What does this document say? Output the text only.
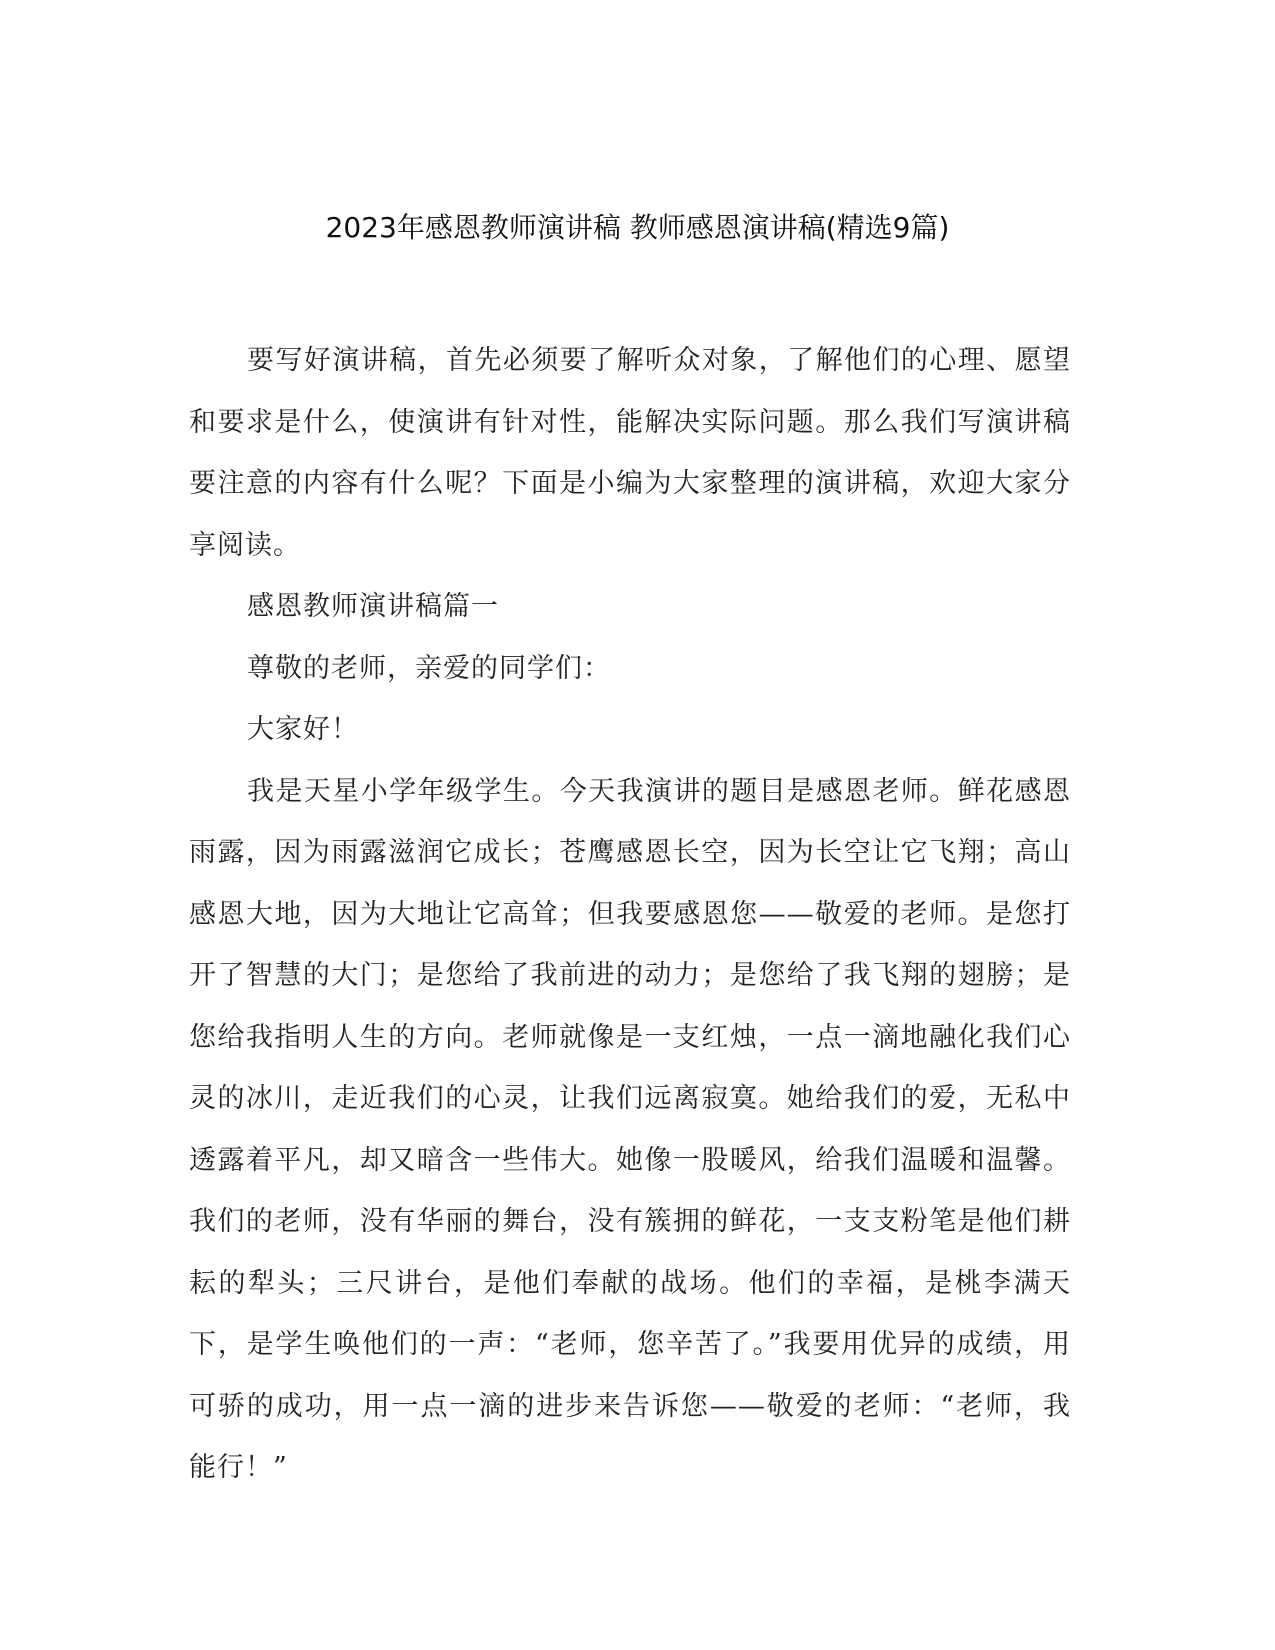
2023年感恩教师演讲稿 教师感恩演讲稿(精选9篇)

要写好演讲稿，首先必须要了解听众对象，了解他们的心理、愿望和要求是什么，使演讲有针对性，能解决实际问题。那么我们写演讲稿要注意的内容有什么呢？下面是小编为大家整理的演讲稿，欢迎大家分享阅读。

感恩教师演讲稿篇一

尊敬的老师，亲爱的同学们：

大家好！

我是天星小学年级学生。今天我演讲的题目是感恩老师。鲜花感恩雨露，因为雨露滋润它成长；苍鹰感恩长空，因为长空让它飞翔；高山感恩大地，因为大地让它高耸；但我要感恩您——敬爱的老师。是您打开了智慧的大门；是您给了我前进的动力；是您给了我飞翔的翅膀；是您给我指明人生的方向。老师就像是一支红烛，一点一滴地融化我们心灵的冰川，走近我们的心灵，让我们远离寂寞。她给我们的爱，无私中透露着平凡，却又暗含一些伟大。她像一股暖风，给我们温暖和温馨。我们的老师，没有华丽的舞台，没有簇拥的鲜花，一支支粉笔是他们耕耘的犁头；三尺讲台，是他们奉献的战场。他们的幸福，是桃李满天下，是学生唤他们的一声：“老师，您辛苦了。”我要用优异的成绩，用可骄的成功，用一点一滴的进步来告诉您——敬爱的老师：“老师，我能行！”
